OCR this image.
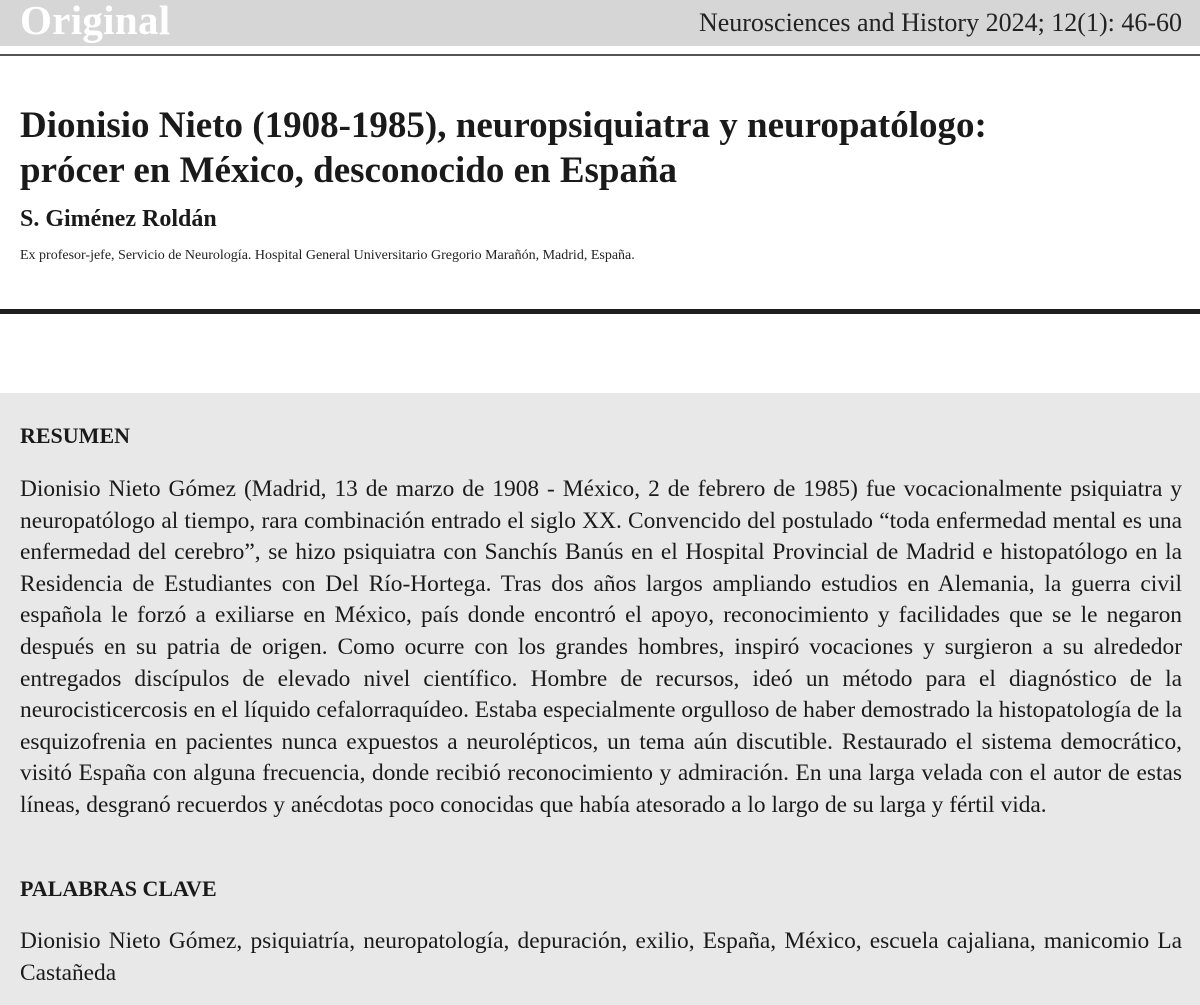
Original	Neurosciences and History 2024; 12(1): 46-60
Dionisio Nieto (1908-1985), neuropsiquiatra y neuropatólogo:
prócer en México, desconocido en España

S. Giménez Roldán

Ex profesor-jefe, Servicio de Neurología. Hospital General Universitario Gregorio Marañón, Madrid, España.

RESUMEN

Dionisio Nieto Gómez (Madrid, 13 de marzo de 1908 - México, 2 de febrero de 1985) fue vocacionalmente psiquiatra y neuropatólogo al tiempo, rara combinación entrado el siglo XX. Convencido del postulado “toda enfermedad mental es una enfermedad del cerebro”, se hizo psiquiatra con Sanchís Banús en el Hospital Provincial de Madrid e histopatólogo en la Residencia de Estudiantes con Del Río-Hortega. Tras dos años largos ampliando estudios en Alemania, la guerra civil española le forzó a exiliarse en México, país donde encontró el apoyo, reconocimiento y facilidades que se le negaron después en su patria de origen. Como ocurre con los grandes hombres, inspiró vocaciones y surgieron a su alrededor entregados discípulos de elevado nivel científico. Hombre de recursos, ideó un método para el diagnóstico de la neurocisticercosis en el líquido cefalorraquídeo. Estaba especialmente orgulloso de haber demostrado la histopatología de la esquizofrenia en pacientes nunca expuestos a neurolépticos, un tema aún discutible. Restaurado el sistema democrático, visitó España con alguna frecuencia, donde recibió reconocimiento y admiración. En una larga velada con el autor de estas líneas, desgranó recuerdos y anécdotas poco conocidas que había atesorado a lo largo de su larga y fértil vida.

PALABRAS CLAVE

Dionisio Nieto Gómez, psiquiatría, neuropatología, depuración, exilio, España, México, escuela cajaliana, manicomio La Castañeda
